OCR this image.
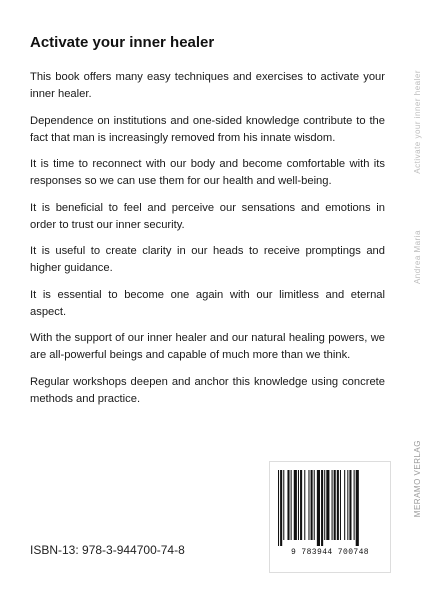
Activate your inner healer

This book offers many easy techniques and exercises to activate your inner healer.

Dependence on institutions and one-sided knowledge contribute to the fact that man is increasingly removed from his innate wisdom.

It is time to reconnect with our body and become comfortable with its responses so we can use them for our health and well-being.

It is beneficial to feel and perceive our sensations and emotions in order to trust our inner security.

It is useful to create clarity in our heads to receive promptings and higher guidance.

It is essential to become one again with our limitless and eternal aspect.

With the support of our inner healer and our natural healing powers, we are all-powerful beings and capable of much more than we think.

Regular workshops deepen and anchor this knowledge using concrete methods and practice.

Activate your inner healer
Andrea Maria
MERAMO VERLAG
ISBN-13: 978-3-944700-74-8	9 783944 700748
